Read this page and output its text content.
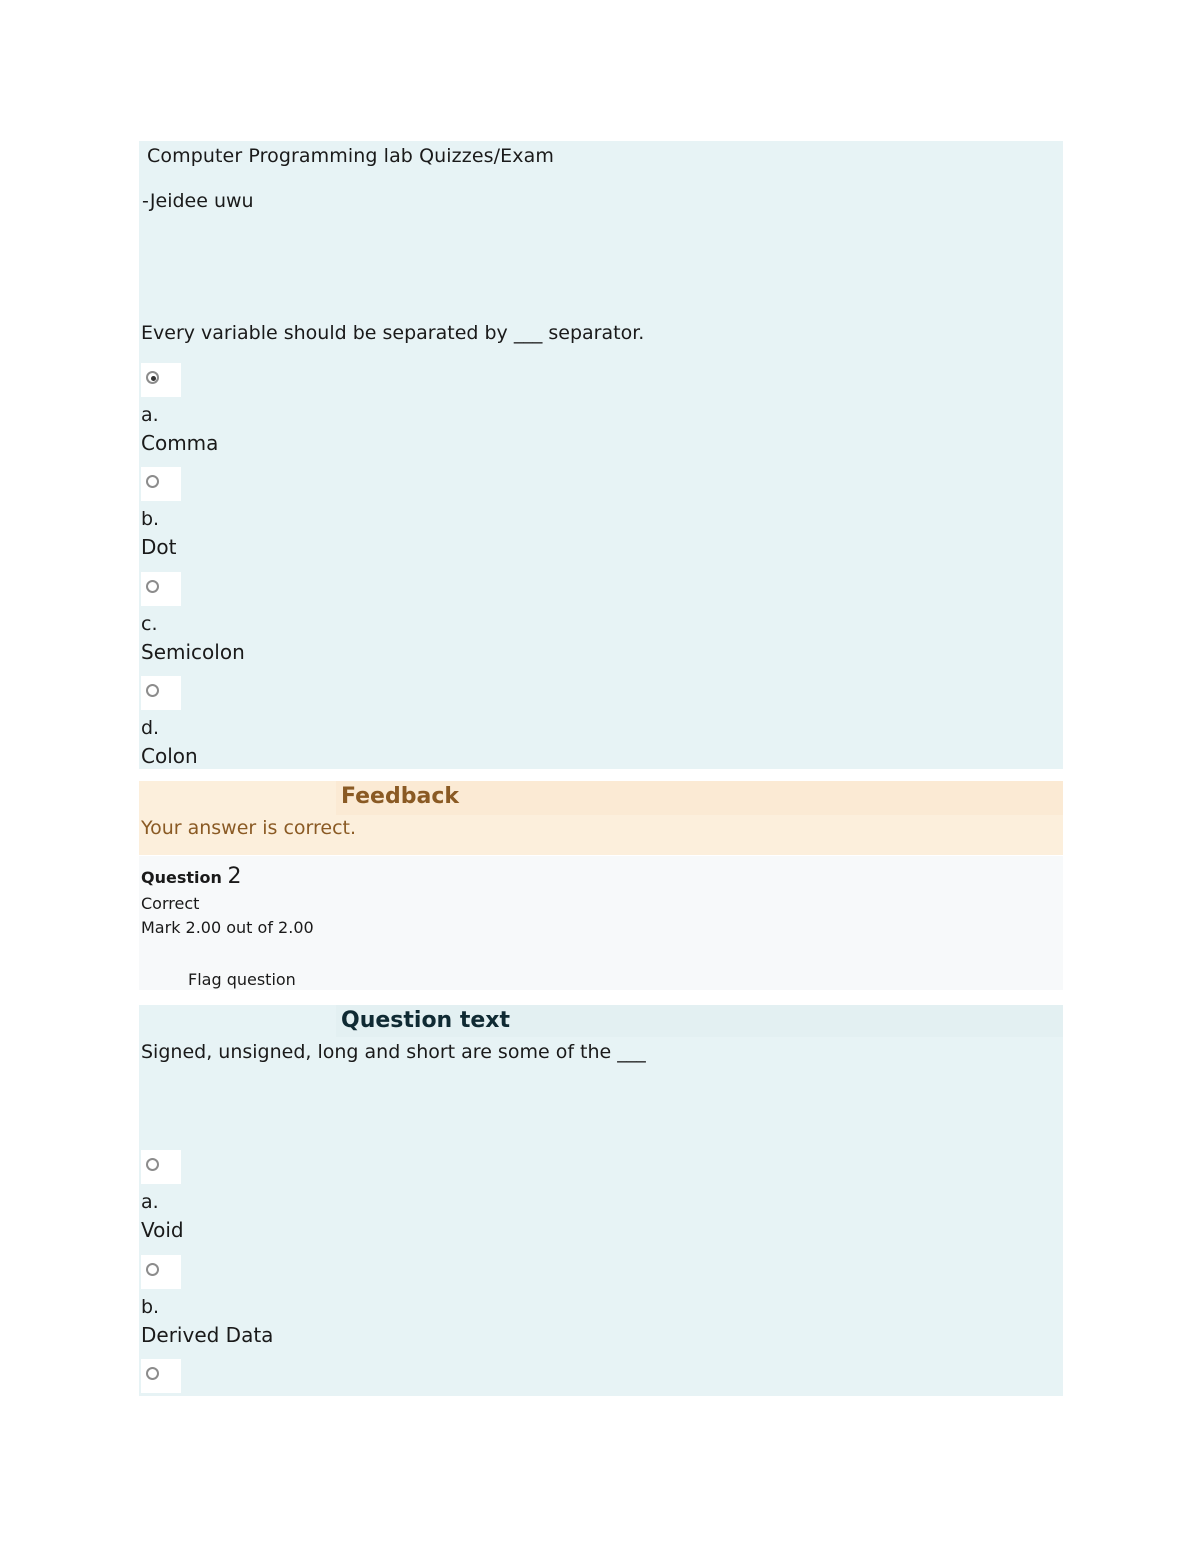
Computer Programming lab Quizzes/Exam
-Jeidee uwu
Every variable should be separated by ___ separator.
a.
Comma
b.
Dot
c.
Semicolon
d.
Colon
Feedback
Your answer is correct.
Question 2
Correct
Mark 2.00 out of 2.00
Flag question
Question text
Signed, unsigned, long and short are some of the ___
a.
Void
b.
Derived Data
